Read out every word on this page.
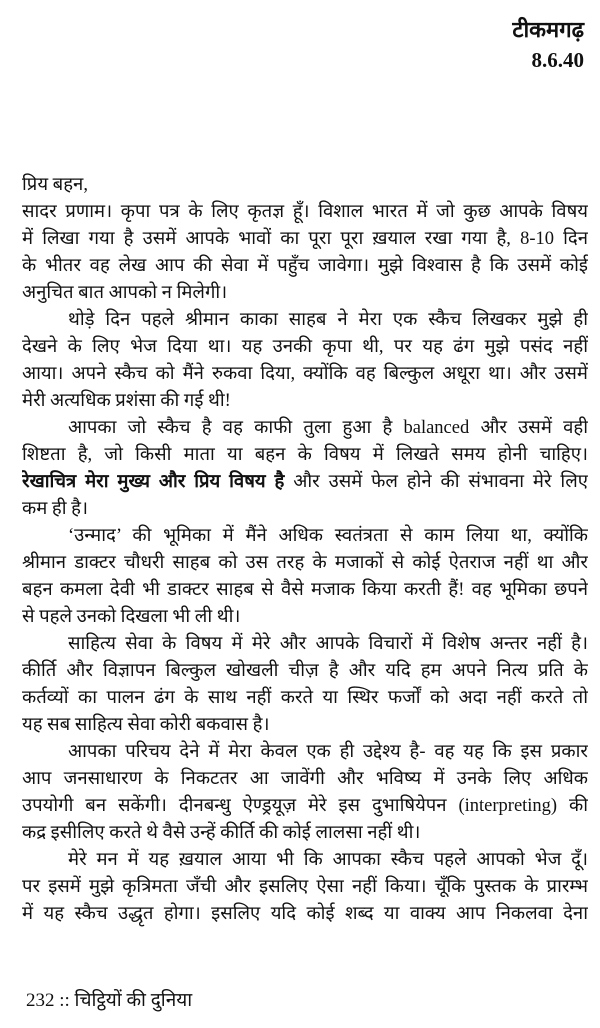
टीकमगढ़
8.6.40
प्रिय बहन,
सादर प्रणाम। कृपा पत्र के लिए कृतज्ञ हूँ। विशाल भारत में जो कुछ आपके विषय
में लिखा गया है उसमें आपके भावों का पूरा पूरा ख़याल रखा गया है, 8-10 दिन
के भीतर वह लेख आप की सेवा में पहुँच जावेगा। मुझे विश्वास है कि उसमें कोई
अनुचित बात आपको न मिलेगी।
थोड़े दिन पहले श्रीमान काका साहब ने मेरा एक स्कैच लिखकर मुझे ही
देखने के लिए भेज दिया था। यह उनकी कृपा थी, पर यह ढंग मुझे पसंद नहीं
आया। अपने स्कैच को मैंने रुकवा दिया, क्योंकि वह बिल्कुल अधूरा था। और उसमें
मेरी अत्यधिक प्रशंसा की गई थी!
आपका जो स्कैच है वह काफी तुला हुआ है balanced और उसमें वही
शिष्टता है, जो किसी माता या बहन के विषय में लिखते समय होनी चाहिए।
रेखाचित्र मेरा मुख्य और प्रिय विषय है और उसमें फेल होने की संभावना मेरे लिए
कम ही है।
‘उन्माद’ की भूमिका में मैंने अधिक स्वतंत्रता से काम लिया था, क्योंकि
श्रीमान डाक्टर चौधरी साहब को उस तरह के मजाकों से कोई ऐतराज नहीं था और
बहन कमला देवी भी डाक्टर साहब से वैसे मजाक किया करती हैं! वह भूमिका छपने
से पहले उनको दिखला भी ली थी।
साहित्य सेवा के विषय में मेरे और आपके विचारों में विशेष अन्तर नहीं है।
कीर्ति और विज्ञापन बिल्कुल खोखली चीज़ है और यदि हम अपने नित्य प्रति के
कर्तव्यों का पालन ढंग के साथ नहीं करते या स्थिर फर्जों को अदा नहीं करते तो
यह सब साहित्य सेवा कोरी बकवास है।
आपका परिचय देने में मेरा केवल एक ही उद्देश्य है- वह यह कि इस प्रकार
आप जनसाधारण के निकटतर आ जावेंगी और भविष्य में उनके लिए अधिक
उपयोगी बन सकेंगी। दीनबन्धु ऐण्ड्रयूज़ मेरे इस दुभाषियेपन (interpreting) की
कद्र इसीलिए करते थे वैसे उन्हें कीर्ति की कोई लालसा नहीं थी।
मेरे मन में यह ख़याल आया भी कि आपका स्कैच पहले आपको भेज दूँ।
पर इसमें मुझे कृत्रिमता जँची और इसलिए ऐसा नहीं किया। चूँकि पुस्तक के प्रारम्भ
में यह स्कैच उद्धृत होगा। इसलिए यदि कोई शब्द या वाक्य आप निकलवा देना
232 :: चिट्ठियों की दुनिया
